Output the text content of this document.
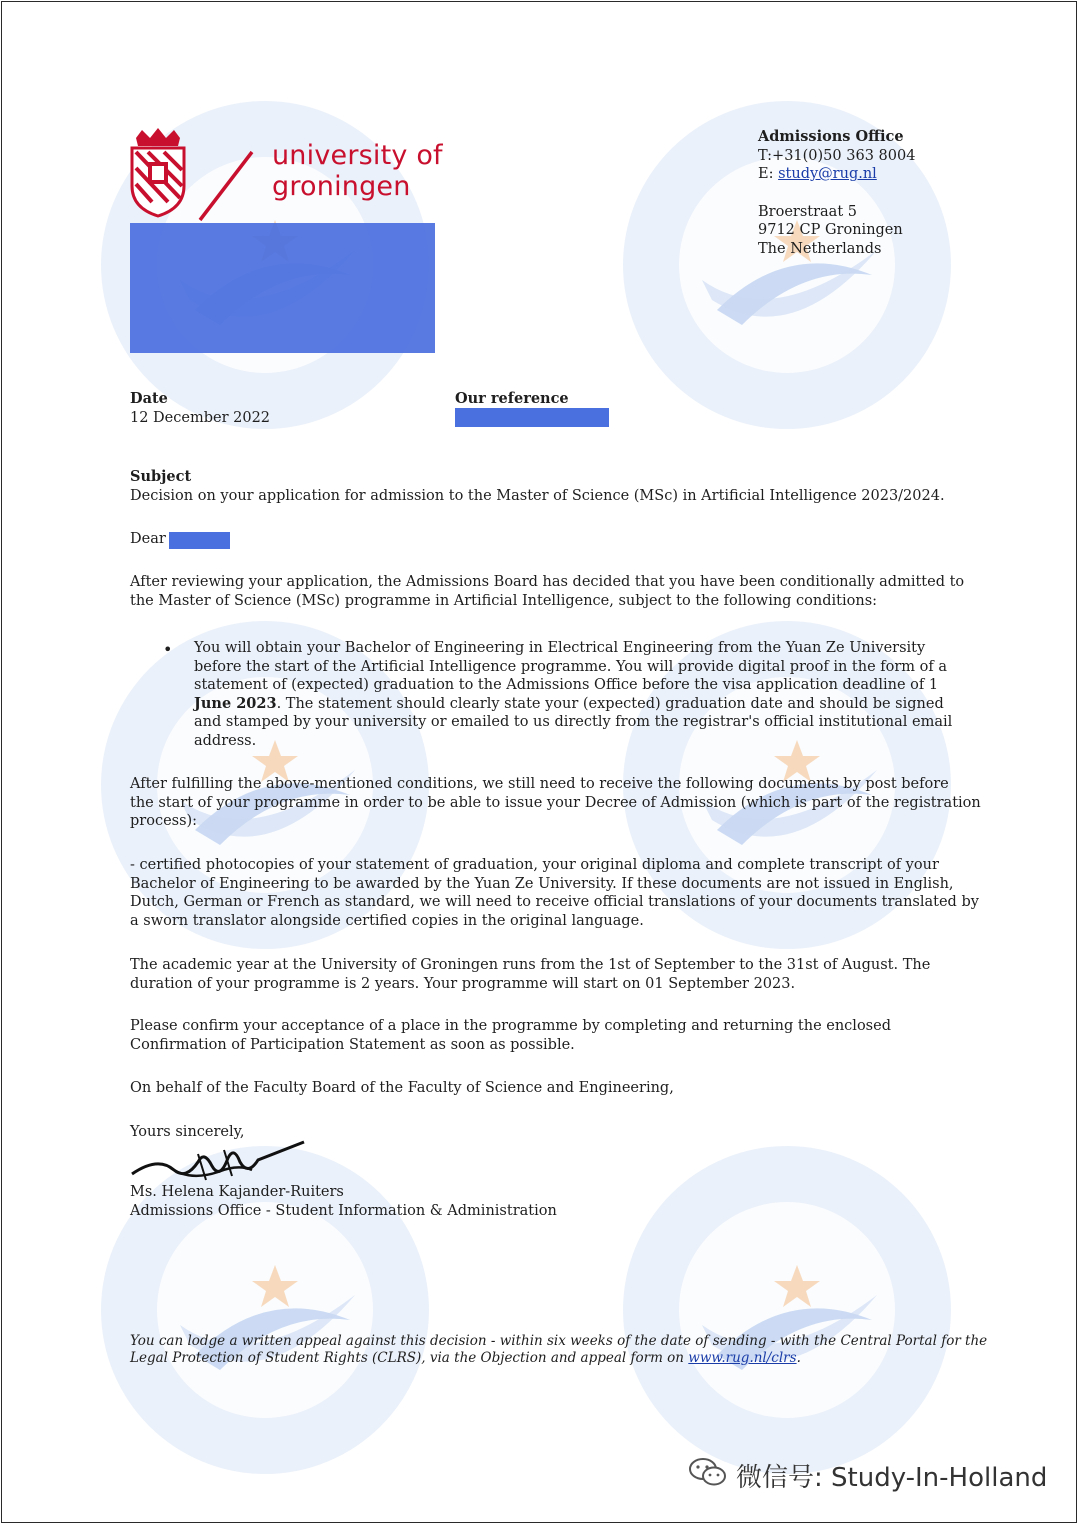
university of
groningen
Admissions Office
T:+31(0)50 363 8004
E: study@rug.nl
Broerstraat 5
9712 CP Groningen
The Netherlands
Date
12 December 2022
Our reference
Subject
Decision on your application for admission to the Master of Science (MSc) in Artificial Intelligence 2023/2024.
Dear
After reviewing your application, the Admissions Board has decided that you have been conditionally admitted to
the Master of Science (MSc) programme in Artificial Intelligence, subject to the following conditions:
• You will obtain your Bachelor of Engineering in Electrical Engineering from the Yuan Ze University
before the start of the Artificial Intelligence programme. You will provide digital proof in the form of a
statement of (expected) graduation to the Admissions Office before the visa application deadline of 1
June 2023. The statement should clearly state your (expected) graduation date and should be signed
and stamped by your university or emailed to us directly from the registrar's official institutional email
address.
After fulfilling the above-mentioned conditions, we still need to receive the following documents by post before
the start of your programme in order to be able to issue your Decree of Admission (which is part of the registration
process):
- certified photocopies of your statement of graduation, your original diploma and complete transcript of your
Bachelor of Engineering to be awarded by the Yuan Ze University. If these documents are not issued in English,
Dutch, German or French as standard, we will need to receive official translations of your documents translated by
a sworn translator alongside certified copies in the original language.
The academic year at the University of Groningen runs from the 1st of September to the 31st of August. The
duration of your programme is 2 years. Your programme will start on 01 September 2023.
Please confirm your acceptance of a place in the programme by completing and returning the enclosed
Confirmation of Participation Statement as soon as possible.
On behalf of the Faculty Board of the Faculty of Science and Engineering,
Yours sincerely,
Ms. Helena Kajander-Ruiters
Admissions Office - Student Information & Administration
You can lodge a written appeal against this decision - within six weeks of the date of sending - with the Central Portal for the
Legal Protection of Student Rights (CLRS), via the Objection and appeal form on www.rug.nl/clrs.
微信号: Study-In-Holland
